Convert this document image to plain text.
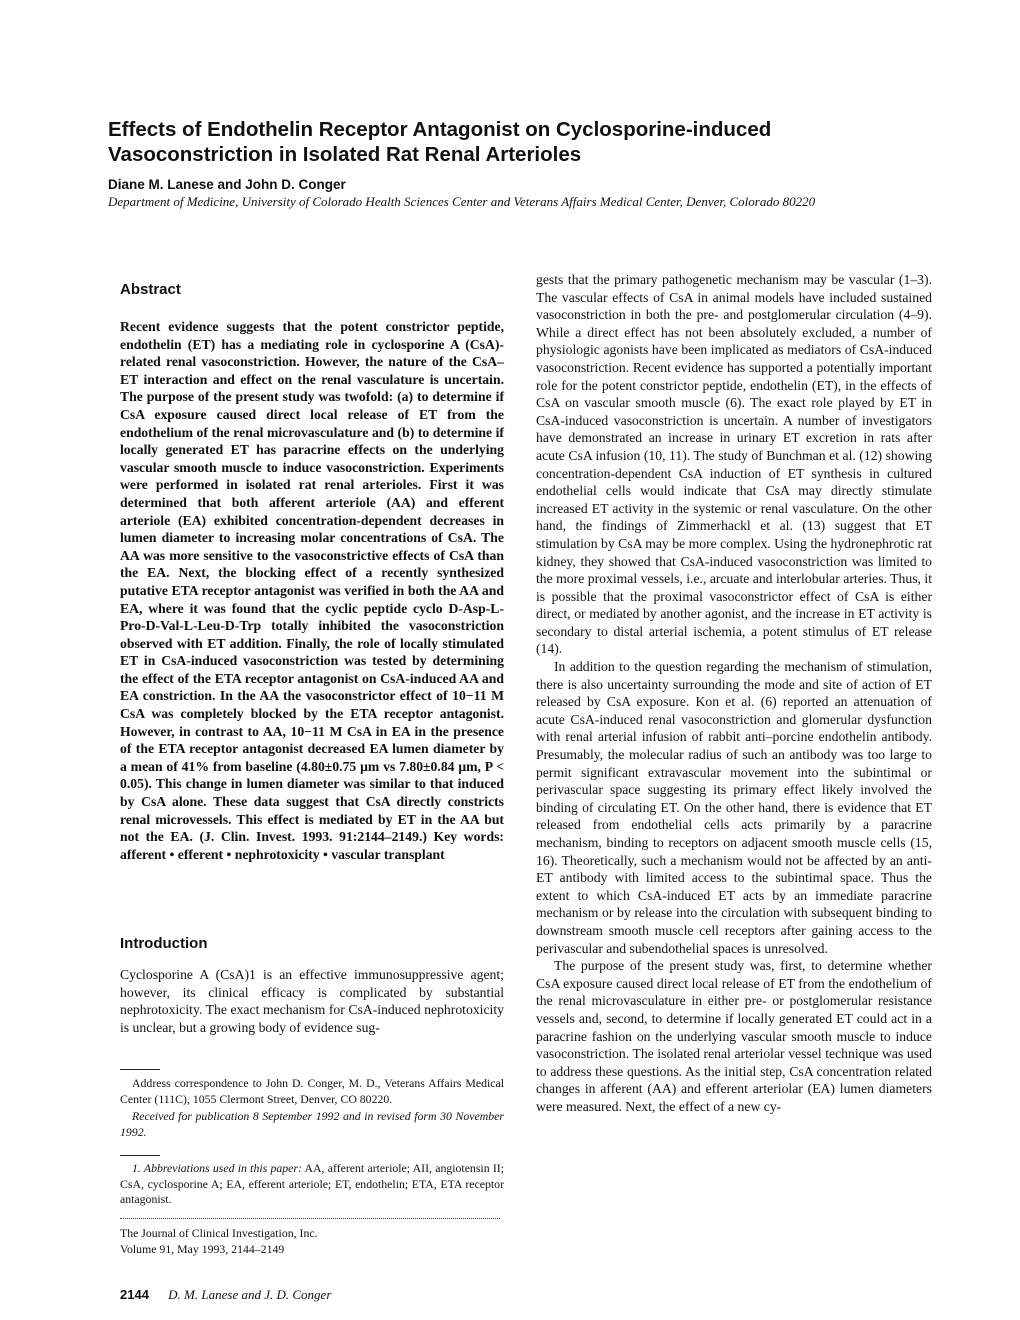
Effects of Endothelin Receptor Antagonist on Cyclosporine-induced Vasoconstriction in Isolated Rat Renal Arterioles
Diane M. Lanese and John D. Conger
Department of Medicine, University of Colorado Health Sciences Center and Veterans Affairs Medical Center, Denver, Colorado 80220
Abstract

Recent evidence suggests that the potent constrictor peptide, endothelin (ET) has a mediating role in cyclosporine A (CsA)-related renal vasoconstriction. However, the nature of the CsA–ET interaction and effect on the renal vasculature is uncertain. The purpose of the present study was twofold: (a) to determine if CsA exposure caused direct local release of ET from the endothelium of the renal microvasculature and (b) to determine if locally generated ET has paracrine effects on the underlying vascular smooth muscle to induce vasoconstriction. Experiments were performed in isolated rat renal arterioles. First it was determined that both afferent arteriole (AA) and efferent arteriole (EA) exhibited concentration-dependent decreases in lumen diameter to increasing molar concentrations of CsA. The AA was more sensitive to the vasoconstrictive effects of CsA than the EA. Next, the blocking effect of a recently synthesized putative ETA receptor antagonist was verified in both the AA and EA, where it was found that the cyclic peptide cyclo D-Asp-L-Pro-D-Val-L-Leu-D-Trp totally inhibited the vasoconstriction observed with ET addition. Finally, the role of locally stimulated ET in CsA-induced vasoconstriction was tested by determining the effect of the ETA receptor antagonist on CsA-induced AA and EA constriction. In the AA the vasoconstrictor effect of 10−11 M CsA was completely blocked by the ETA receptor antagonist. However, in contrast to AA, 10−11 M CsA in EA in the presence of the ETA receptor antagonist decreased EA lumen diameter by a mean of 41% from baseline (4.80±0.75 μm vs 7.80±0.84 μm, P < 0.05). This change in lumen diameter was similar to that induced by CsA alone. These data suggest that CsA directly constricts renal microvessels. This effect is mediated by ET in the AA but not the EA. (J. Clin. Invest. 1993. 91:2144–2149.) Key words: afferent • efferent • nephrotoxicity • vascular transplant

Introduction

Cyclosporine A (CsA)1 is an effective immunosuppressive agent; however, its clinical efficacy is complicated by substantial nephrotoxicity. The exact mechanism for CsA-induced nephrotoxicity is unclear, but a growing body of evidence sug-

Address correspondence to John D. Conger, M. D., Veterans Affairs Medical Center (111C), 1055 Clermont Street, Denver, CO 80220.

Received for publication 8 September 1992 and in revised form 30 November 1992.

1. Abbreviations used in this paper: AA, afferent arteriole; AII, angiotensin II; CsA, cyclosporine A; EA, efferent arteriole; ET, endothelin; ETA, ETA receptor antagonist.

The Journal of Clinical Investigation, Inc.

Volume 91, May 1993, 2144–2149

gests that the primary pathogenetic mechanism may be vascular (1–3). The vascular effects of CsA in animal models have included sustained vasoconstriction in both the pre- and postglomerular circulation (4–9). While a direct effect has not been absolutely excluded, a number of physiologic agonists have been implicated as mediators of CsA-induced vasoconstriction. Recent evidence has supported a potentially important role for the potent constrictor peptide, endothelin (ET), in the effects of CsA on vascular smooth muscle (6). The exact role played by ET in CsA-induced vasoconstriction is uncertain. A number of investigators have demonstrated an increase in urinary ET excretion in rats after acute CsA infusion (10, 11). The study of Bunchman et al. (12) showing concentration-dependent CsA induction of ET synthesis in cultured endothelial cells would indicate that CsA may directly stimulate increased ET activity in the systemic or renal vasculature. On the other hand, the findings of Zimmerhackl et al. (13) suggest that ET stimulation by CsA may be more complex. Using the hydronephrotic rat kidney, they showed that CsA-induced vasoconstriction was limited to the more proximal vessels, i.e., arcuate and interlobular arteries. Thus, it is possible that the proximal vasoconstrictor effect of CsA is either direct, or mediated by another agonist, and the increase in ET activity is secondary to distal arterial ischemia, a potent stimulus of ET release (14).

In addition to the question regarding the mechanism of stimulation, there is also uncertainty surrounding the mode and site of action of ET released by CsA exposure. Kon et al. (6) reported an attenuation of acute CsA-induced renal vasoconstriction and glomerular dysfunction with renal arterial infusion of rabbit anti–porcine endothelin antibody. Presumably, the molecular radius of such an antibody was too large to permit significant extravascular movement into the subintimal or perivascular space suggesting its primary effect likely involved the binding of circulating ET. On the other hand, there is evidence that ET released from endothelial cells acts primarily by a paracrine mechanism, binding to receptors on adjacent smooth muscle cells (15, 16). Theoretically, such a mechanism would not be affected by an anti-ET antibody with limited access to the subintimal space. Thus the extent to which CsA-induced ET acts by an immediate paracrine mechanism or by release into the circulation with subsequent binding to downstream smooth muscle cell receptors after gaining access to the perivascular and subendothelial spaces is unresolved.

The purpose of the present study was, first, to determine whether CsA exposure caused direct local release of ET from the endothelium of the renal microvasculature in either pre- or postglomerular resistance vessels and, second, to determine if locally generated ET could act in a paracrine fashion on the underlying vascular smooth muscle to induce vasoconstriction. The isolated renal arteriolar vessel technique was used to address these questions. As the initial step, CsA concentration related changes in afferent (AA) and efferent arteriolar (EA) lumen diameters were measured. Next, the effect of a new cy-

2144 D. M. Lanese and J. D. Conger
